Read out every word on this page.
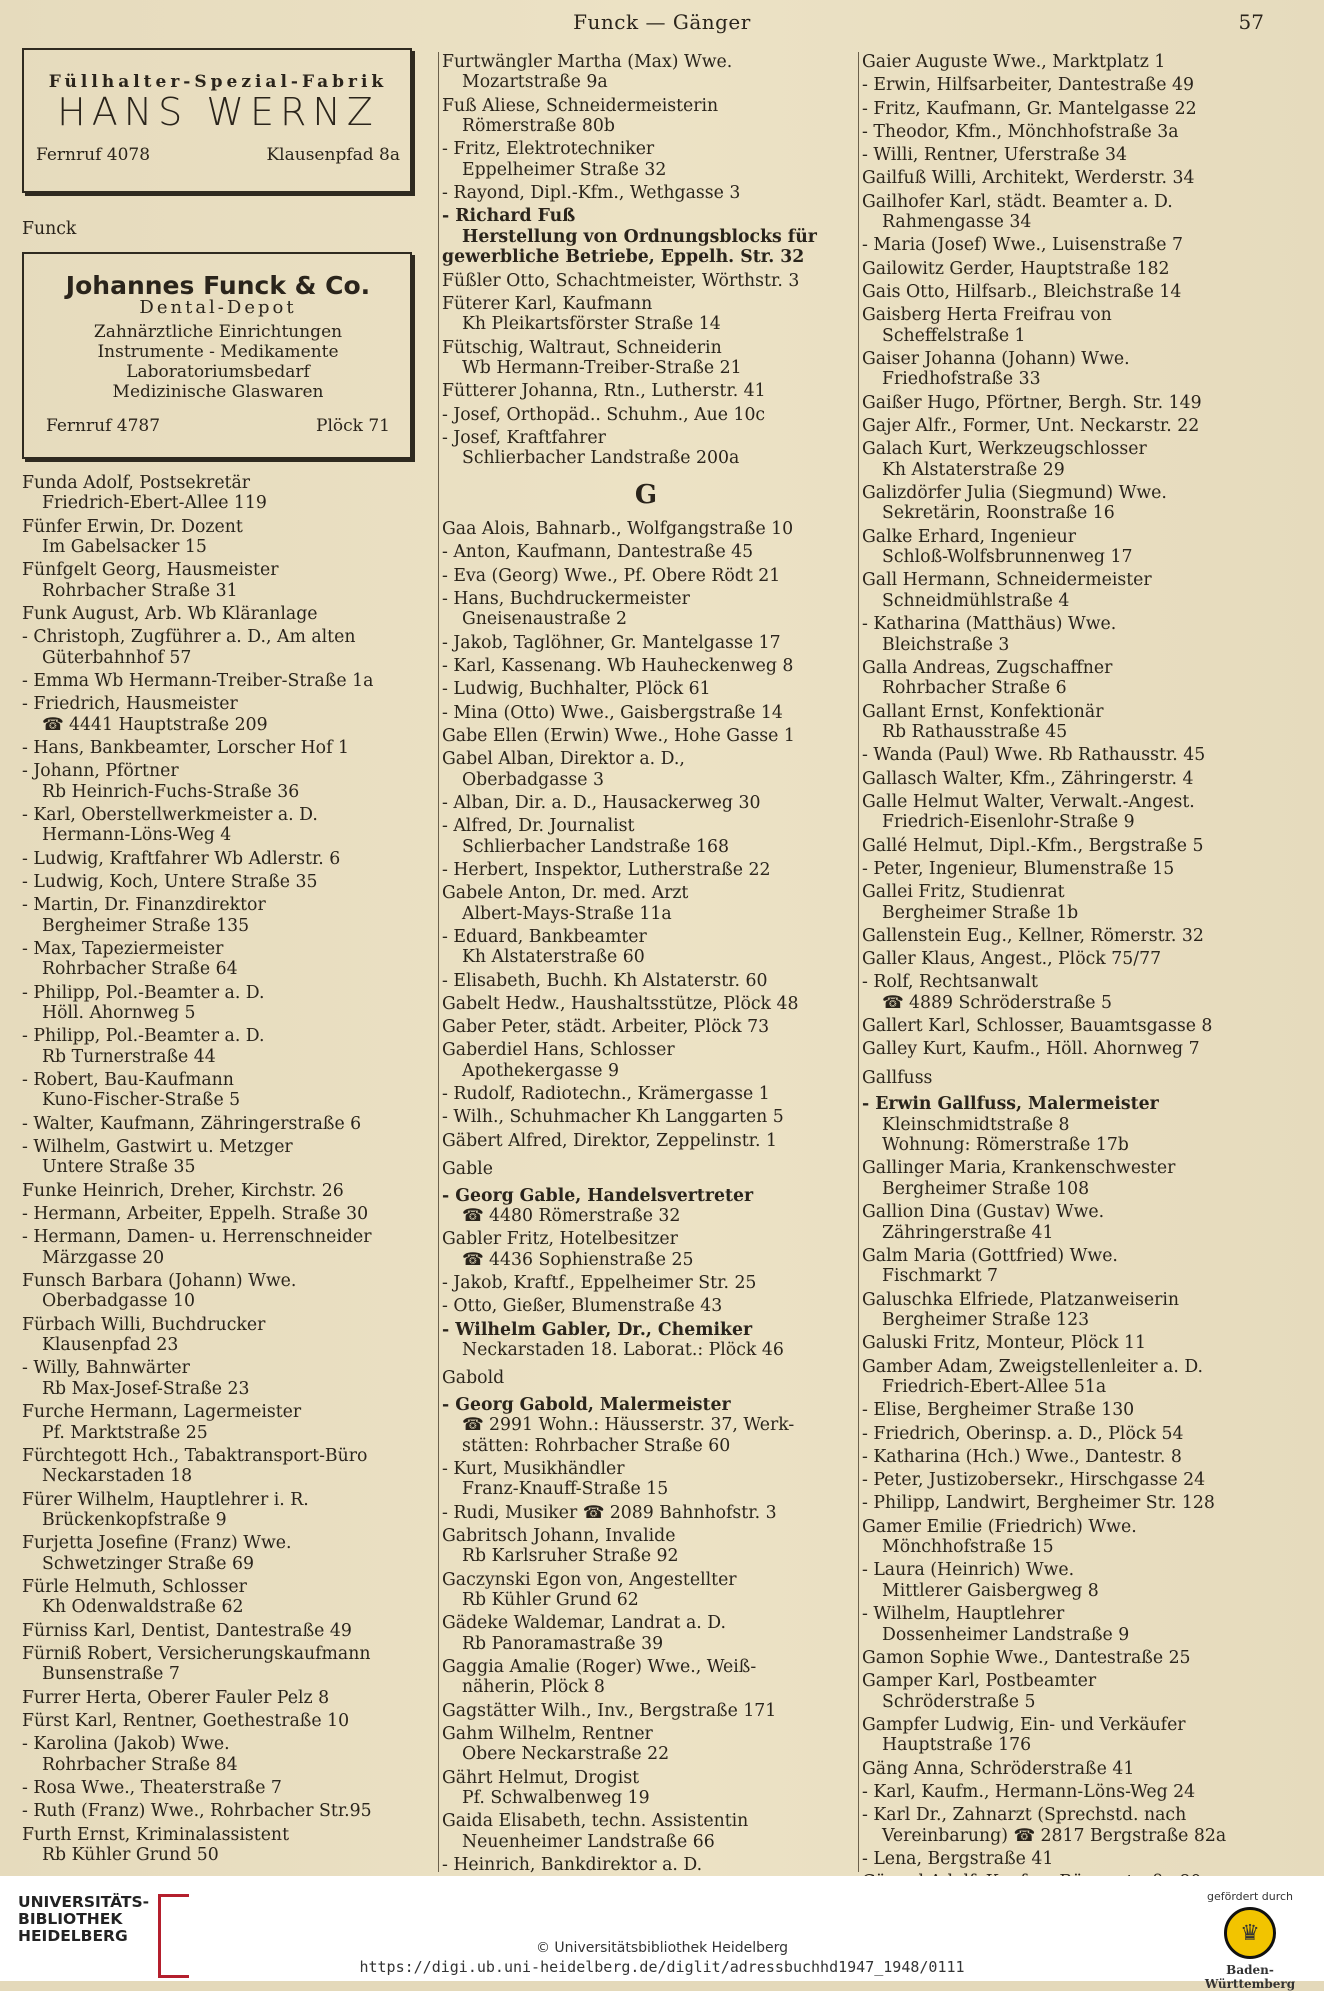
Funck — Gänger	57
Füllhalter-Spezial-Fabrik
HANS WERNZ
Fernruf 4078	Klausenpfad 8a
Funck
Johannes Funck & Co.
Dental-Depot
Zahnärztliche Einrichtungen
Instrumente - Medikamente
Laboratoriumsbedarf
Medizinische Glaswaren
Fernruf 4787	Plöck 71
Funda Adolf, Postsekretär
Friedrich-Ebert-Allee 119
Fünfer Erwin, Dr. Dozent
Im Gabelsacker 15
Fünfgelt Georg, Hausmeister
Rohrbacher Straße 31
Funk August, Arb. Wb Kläranlage
- Christoph, Zugführer a. D., Am alten
Güterbahnhof 57
- Emma Wb Hermann-Treiber-Straße 1a
- Friedrich, Hausmeister
☎ 4441 Hauptstraße 209
- Hans, Bankbeamter, Lorscher Hof 1
- Johann, Pförtner
Rb Heinrich-Fuchs-Straße 36
- Karl, Oberstellwerkmeister a. D.
Hermann-Löns-Weg 4
- Ludwig, Kraftfahrer Wb Adlerstr. 6
- Ludwig, Koch, Untere Straße 35
- Martin, Dr. Finanzdirektor
Bergheimer Straße 135
- Max, Tapeziermeister
Rohrbacher Straße 64
- Philipp, Pol.-Beamter a. D.
Höll. Ahornweg 5
- Philipp, Pol.-Beamter a. D.
Rb Turnerstraße 44
- Robert, Bau-Kaufmann
Kuno-Fischer-Straße 5
- Walter, Kaufmann, Zähringerstraße 6
- Wilhelm, Gastwirt u. Metzger
Untere Straße 35
Funke Heinrich, Dreher, Kirchstr. 26
- Hermann, Arbeiter, Eppelh. Straße 30
- Hermann, Damen- u. Herrenschneider
Märzgasse 20
Funsch Barbara (Johann) Wwe.
Oberbadgasse 10
Fürbach Willi, Buchdrucker
Klausenpfad 23
- Willy, Bahnwärter
Rb Max-Josef-Straße 23
Furche Hermann, Lagermeister
Pf. Marktstraße 25
Fürchtegott Hch., Tabaktransport-Büro
Neckarstaden 18
Fürer Wilhelm, Hauptlehrer i. R.
Brückenkopfstraße 9
Furjetta Josefine (Franz) Wwe.
Schwetzinger Straße 69
Fürle Helmuth, Schlosser
Kh Odenwaldstraße 62
Fürniss Karl, Dentist, Dantestraße 49
Fürniß Robert, Versicherungskaufmann
Bunsenstraße 7
Furrer Herta, Oberer Fauler Pelz 8
Fürst Karl, Rentner, Goethestraße 10
- Karolina (Jakob) Wwe.
Rohrbacher Straße 84
- Rosa Wwe., Theaterstraße 7
- Ruth (Franz) Wwe., Rohrbacher Str.95
Furth Ernst, Kriminalassistent
Rb Kühler Grund 50
Furtwängler Martha (Max) Wwe.
Mozartstraße 9a
Fuß Aliese, Schneidermeisterin
Römerstraße 80b
- Fritz, Elektrotechniker
Eppelheimer Straße 32
- Rayond, Dipl.-Kfm., Wethgasse 3
- Richard Fuß
Herstellung von Ordnungsblocks für
gewerbliche Betriebe, Eppelh. Str. 32
Füßler Otto, Schachtmeister, Wörthstr. 3
Füterer Karl, Kaufmann
Kh Pleikartsförster Straße 14
Fütschig, Waltraut, Schneiderin
Wb Hermann-Treiber-Straße 21
Fütterer Johanna, Rtn., Lutherstr. 41
- Josef, Orthopäd.. Schuhm., Aue 10c
- Josef, Kraftfahrer
Schlierbacher Landstraße 200a
G
Gaa Alois, Bahnarb., Wolfgangstraße 10
- Anton, Kaufmann, Dantestraße 45
- Eva (Georg) Wwe., Pf. Obere Rödt 21
- Hans, Buchdruckermeister
Gneisenaustraße 2
- Jakob, Taglöhner, Gr. Mantelgasse 17
- Karl, Kassenang. Wb Hauheckenweg 8
- Ludwig, Buchhalter, Plöck 61
- Mina (Otto) Wwe., Gaisbergstraße 14
Gabe Ellen (Erwin) Wwe., Hohe Gasse 1
Gabel Alban, Direktor a. D.,
Oberbadgasse 3
- Alban, Dir. a. D., Hausackerweg 30
- Alfred, Dr. Journalist
Schlierbacher Landstraße 168
- Herbert, Inspektor, Lutherstraße 22
Gabele Anton, Dr. med. Arzt
Albert-Mays-Straße 11a
- Eduard, Bankbeamter
Kh Alstaterstraße 60
- Elisabeth, Buchh. Kh Alstaterstr. 60
Gabelt Hedw., Haushaltsstütze, Plöck 48
Gaber Peter, städt. Arbeiter, Plöck 73
Gaberdiel Hans, Schlosser
Apothekergasse 9
- Rudolf, Radiotechn., Krämergasse 1
- Wilh., Schuhmacher Kh Langgarten 5
Gäbert Alfred, Direktor, Zeppelinstr. 1
Gable
- Georg Gable, Handelsvertreter
☎ 4480 Römerstraße 32
Gabler Fritz, Hotelbesitzer
☎ 4436 Sophienstraße 25
- Jakob, Kraftf., Eppelheimer Str. 25
- Otto, Gießer, Blumenstraße 43
- Wilhelm Gabler, Dr., Chemiker
Neckarstaden 18. Laborat.: Plöck 46
Gabold
- Georg Gabold, Malermeister
☎ 2991 Wohn.: Häusserstr. 37, Werk-
stätten: Rohrbacher Straße 60
- Kurt, Musikhändler
Franz-Knauff-Straße 15
- Rudi, Musiker ☎ 2089 Bahnhofstr. 3
Gabritsch Johann, Invalide
Rb Karlsruher Straße 92
Gaczynski Egon von, Angestellter
Rb Kühler Grund 62
Gädeke Waldemar, Landrat a. D.
Rb Panoramastraße 39
Gaggia Amalie (Roger) Wwe., Weiß-
näherin, Plöck 8
Gagstätter Wilh., Inv., Bergstraße 171
Gahm Wilhelm, Rentner
Obere Neckarstraße 22
Gährt Helmut, Drogist
Pf. Schwalbenweg 19
Gaida Elisabeth, techn. Assistentin
Neuenheimer Landstraße 66
- Heinrich, Bankdirektor a. D.
Gaier Auguste Wwe., Marktplatz 1
- Erwin, Hilfsarbeiter, Dantestraße 49
- Fritz, Kaufmann, Gr. Mantelgasse 22
- Theodor, Kfm., Mönchhofstraße 3a
- Willi, Rentner, Uferstraße 34
Gailfuß Willi, Architekt, Werderstr. 34
Gailhofer Karl, städt. Beamter a. D.
Rahmengasse 34
- Maria (Josef) Wwe., Luisenstraße 7
Gailowitz Gerder, Hauptstraße 182
Gais Otto, Hilfsarb., Bleichstraße 14
Gaisberg Herta Freifrau von
Scheffelstraße 1
Gaiser Johanna (Johann) Wwe.
Friedhofstraße 33
Gaißer Hugo, Pförtner, Bergh. Str. 149
Gajer Alfr., Former, Unt. Neckarstr. 22
Galach Kurt, Werkzeugschlosser
Kh Alstaterstraße 29
Galizdörfer Julia (Siegmund) Wwe.
Sekretärin, Roonstraße 16
Galke Erhard, Ingenieur
Schloß-Wolfsbrunnenweg 17
Gall Hermann, Schneidermeister
Schneidmühlstraße 4
- Katharina (Matthäus) Wwe.
Bleichstraße 3
Galla Andreas, Zugschaffner
Rohrbacher Straße 6
Gallant Ernst, Konfektionär
Rb Rathausstraße 45
- Wanda (Paul) Wwe. Rb Rathausstr. 45
Gallasch Walter, Kfm., Zähringerstr. 4
Galle Helmut Walter, Verwalt.-Angest.
Friedrich-Eisenlohr-Straße 9
Gallé Helmut, Dipl.-Kfm., Bergstraße 5
- Peter, Ingenieur, Blumenstraße 15
Gallei Fritz, Studienrat
Bergheimer Straße 1b
Gallenstein Eug., Kellner, Römerstr. 32
Galler Klaus, Angest., Plöck 75/77
- Rolf, Rechtsanwalt
☎ 4889 Schröderstraße 5
Gallert Karl, Schlosser, Bauamtsgasse 8
Galley Kurt, Kaufm., Höll. Ahornweg 7
Gallfuss
- Erwin Gallfuss, Malermeister
Kleinschmidtstraße 8
Wohnung: Römerstraße 17b
Gallinger Maria, Krankenschwester
Bergheimer Straße 108
Gallion Dina (Gustav) Wwe.
Zähringerstraße 41
Galm Maria (Gottfried) Wwe.
Fischmarkt 7
Galuschka Elfriede, Platzanweiserin
Bergheimer Straße 123
Galuski Fritz, Monteur, Plöck 11
Gamber Adam, Zweigstellenleiter a. D.
Friedrich-Ebert-Allee 51a
- Elise, Bergheimer Straße 130
- Friedrich, Oberinsp. a. D., Plöck 54
- Katharina (Hch.) Wwe., Dantestr. 8
- Peter, Justizobersekr., Hirschgasse 24
- Philipp, Landwirt, Bergheimer Str. 128
Gamer Emilie (Friedrich) Wwe.
Mönchhofstraße 15
- Laura (Heinrich) Wwe.
Mittlerer Gaisbergweg 8
- Wilhelm, Hauptlehrer
Dossenheimer Landstraße 9
Gamon Sophie Wwe., Dantestraße 25
Gamper Karl, Postbeamter
Schröderstraße 5
Gampfer Ludwig, Ein- und Verkäufer
Hauptstraße 176
Gäng Anna, Schröderstraße 41
- Karl, Kaufm., Hermann-Löns-Weg 24
- Karl Dr., Zahnarzt (Sprechstd. nach
Vereinbarung) ☎ 2817 Bergstraße 82a
- Lena, Bergstraße 41
UNIVERSITÄTS-
BIBLIOTHEK
HEIDELBERG
© Universitätsbibliothek Heidelberg
https://digi.ub.uni-heidelberg.de/diglit/adressbuchhd1947_1948/0111
gefördert durch
♛
Baden-Württemberg
